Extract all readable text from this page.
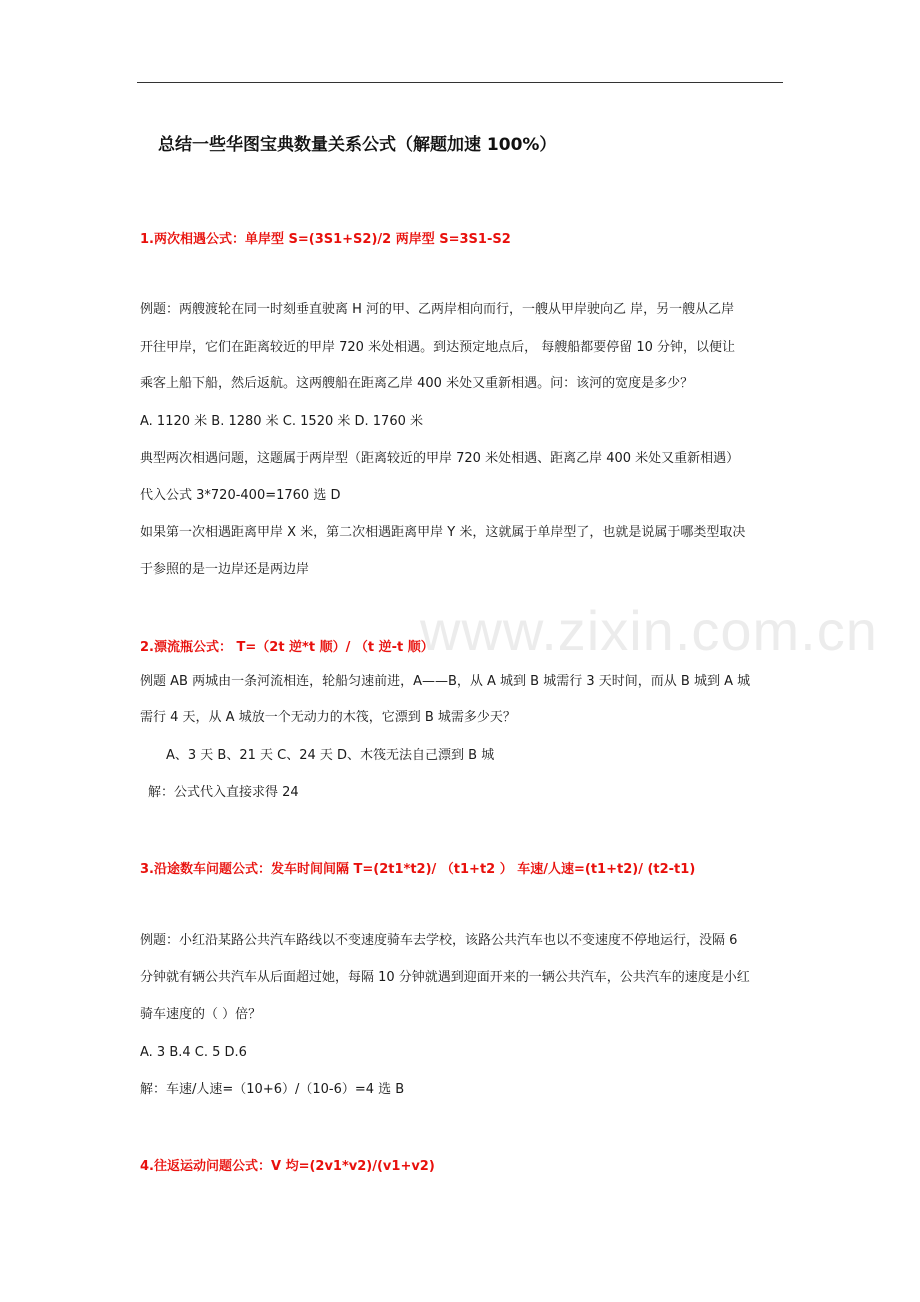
www.zixin.com.cn
总结一些华图宝典数量关系公式（解题加速 100%）
1.两次相遇公式：单岸型 S=(3S1+S2)/2 两岸型 S=3S1-S2
例题：两艘渡轮在同一时刻垂直驶离 H 河的甲、乙两岸相向而行，一艘从甲岸驶向乙 岸，另一艘从乙岸
开往甲岸，它们在距离较近的甲岸 720 米处相遇。到达预定地点后， 每艘船都要停留 10 分钟，以便让
乘客上船下船，然后返航。这两艘船在距离乙岸 400 米处又重新相遇。问：该河的宽度是多少？
A. 1120 米 B. 1280 米 C. 1520 米 D. 1760 米
典型两次相遇问题，这题属于两岸型（距离较近的甲岸 720 米处相遇、距离乙岸 400 米处又重新相遇）
代入公式 3*720-400=1760 选 D
如果第一次相遇距离甲岸 X 米，第二次相遇距离甲岸 Y 米，这就属于单岸型了，也就是说属于哪类型取决
于参照的是一边岸还是两边岸
2.漂流瓶公式： T=（2t 逆*t 顺）/ （t 逆-t 顺）
例题 AB 两城由一条河流相连，轮船匀速前进，A——B，从 A 城到 B 城需行 3 天时间，而从 B 城到 A 城
需行 4 天，从 A 城放一个无动力的木筏，它漂到 B 城需多少天？
A、3 天 B、21 天 C、24 天 D、木筏无法自己漂到 B 城
解：公式代入直接求得 24
3.沿途数车问题公式：发车时间间隔 T=(2t1*t2)/ （t1+t2 ） 车速/人速=(t1+t2)/ (t2-t1)
例题：小红沿某路公共汽车路线以不变速度骑车去学校，该路公共汽车也以不变速度不停地运行，没隔 6
分钟就有辆公共汽车从后面超过她，每隔 10 分钟就遇到迎面开来的一辆公共汽车，公共汽车的速度是小红
骑车速度的（ ）倍？
A. 3 B.4 C. 5 D.6
解：车速/人速=（10+6）/（10-6）=4 选 B
4.往返运动问题公式：V 均=(2v1*v2)/(v1+v2)
